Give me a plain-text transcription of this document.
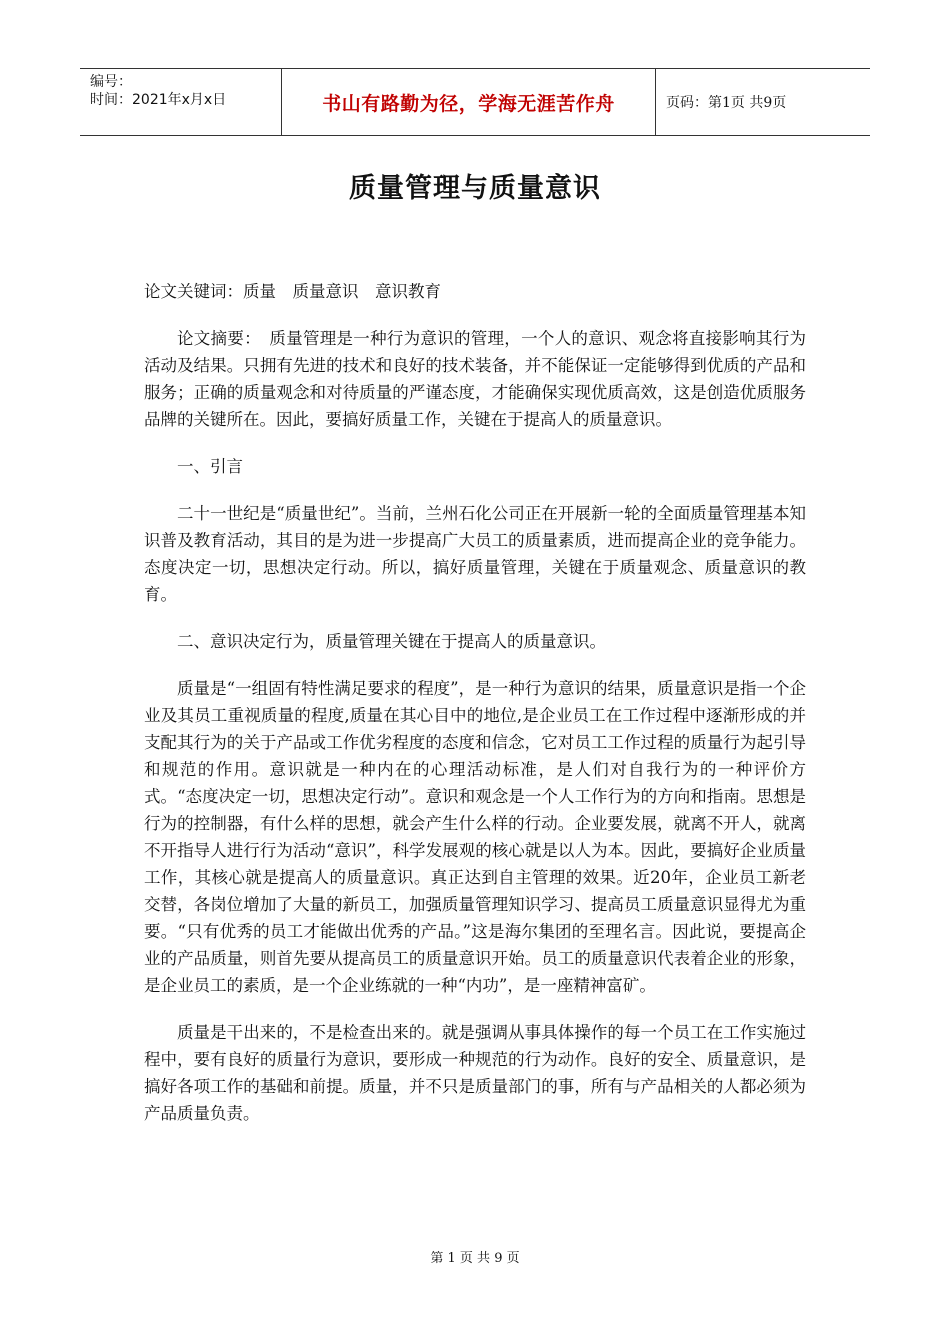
编号：
时间：2021年x月x日	书山有路勤为径，学海无涯苦作舟	页码：第1页 共9页
质量管理与质量意识

论文关键词：质量　质量意识　意识教育

论文摘要：　质量管理是一种行为意识的管理，一个人的意识、观念将直接影响其行为活动及结果。只拥有先进的技术和良好的技术装备，并不能保证一定能够得到优质的产品和服务；正确的质量观念和对待质量的严谨态度，才能确保实现优质高效，这是创造优质服务品牌的关键所在。因此，要搞好质量工作，关键在于提高人的质量意识。

一、引言

二十一世纪是“质量世纪”。当前，兰州石化公司正在开展新一轮的全面质量管理基本知识普及教育活动，其目的是为进一步提高广大员工的质量素质，进而提高企业的竞争能力。态度决定一切，思想决定行动。所以，搞好质量管理，关键在于质量观念、质量意识的教育。

二、意识决定行为，质量管理关键在于提高人的质量意识。

质量是“一组固有特性满足要求的程度”，是一种行为意识的结果，质量意识是指一个企业及其员工重视质量的程度,质量在其心目中的地位,是企业员工在工作过程中逐渐形成的并支配其行为的关于产品或工作优劣程度的态度和信念，它对员工工作过程的质量行为起引导和规范的作用。意识就是一种内在的心理活动标准，是人们对自我行为的一种评价方式。“态度决定一切，思想决定行动”。意识和观念是一个人工作行为的方向和指南。思想是行为的控制器，有什么样的思想，就会产生什么样的行动。企业要发展，就离不开人，就离不开指导人进行行为活动“意识”，科学发展观的核心就是以人为本。因此，要搞好企业质量工作，其核心就是提高人的质量意识。真正达到自主管理的效果。近20年，企业员工新老交替，各岗位增加了大量的新员工，加强质量管理知识学习、提高员工质量意识显得尤为重要。“只有优秀的员工才能做出优秀的产品。”这是海尔集团的至理名言。因此说，要提高企业的产品质量，则首先要从提高员工的质量意识开始。员工的质量意识代表着企业的形象，是企业员工的素质，是一个企业练就的一种“内功”，是一座精神富矿。

质量是干出来的，不是检查出来的。就是强调从事具体操作的每一个员工在工作实施过程中，要有良好的质量行为意识，要形成一种规范的行为动作。良好的安全、质量意识，是搞好各项工作的基础和前提。质量，并不只是质量部门的事，所有与产品相关的人都必须为产品质量负责。

第 1 页 共 9 页
